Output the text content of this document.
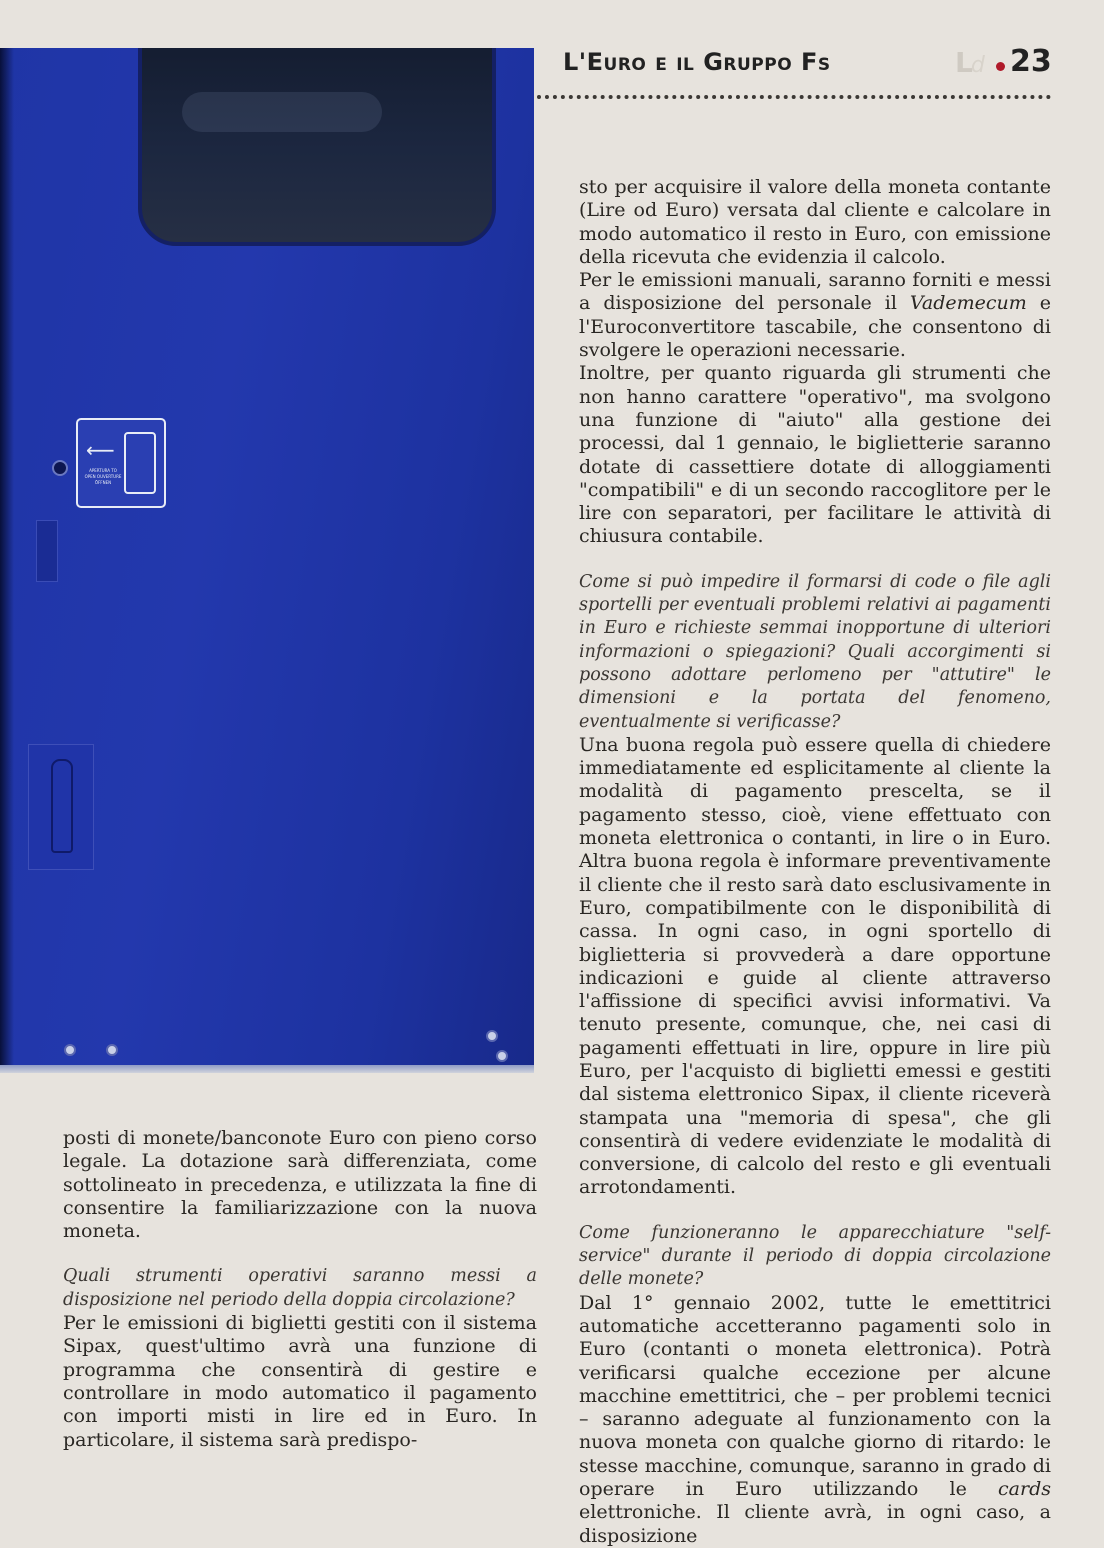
L'Euro e il Gruppo Fs	Ld 23
⟵
APERTURA TO OPEN OUVERTURE ÖFFNEN

sto per acquisire il valore della moneta contante (Lire od Euro) versata dal cliente e calcolare in modo automatico il resto in Euro, con emissione della ricevuta che evidenzia il calcolo.

Per le emissioni manuali, saranno forniti e messi a disposizione del personale il Vademecum e l'Euroconvertitore tascabile, che consentono di svolgere le operazioni necessarie.

Inoltre, per quanto riguarda gli strumenti che non hanno carattere "operativo", ma svolgono una funzione di "aiuto" alla gestione dei processi, dal 1 gennaio, le biglietterie saranno dotate di cassettiere dotate di alloggiamenti "compatibili" e di un secondo raccoglitore per le lire con separatori, per facilitare le attività di chiusura contabile.

Come si può impedire il formarsi di code o file agli sportelli per eventuali problemi relativi ai pagamenti in Euro e richieste semmai inopportune di ulteriori informazioni o spiegazioni? Quali accorgimenti si possono adottare perlomeno per "attutire" le dimensioni e la portata del fenomeno, eventualmente si verificasse?

Una buona regola può essere quella di chiedere immediatamente ed esplicitamente al cliente la modalità di pagamento prescelta, se il pagamento stesso, cioè, viene effettuato con moneta elettronica o contanti, in lire o in Euro. Altra buona regola è informare preventivamente il cliente che il resto sarà dato esclusivamente in Euro, compatibilmente con le disponibilità di cassa. In ogni caso, in ogni sportello di biglietteria si provvederà a dare opportune indicazioni e guide al cliente attraverso l'affissione di specifici avvisi informativi. Va tenuto presente, comunque, che, nei casi di pagamenti effettuati in lire, oppure in lire più Euro, per l'acquisto di biglietti emessi e gestiti dal sistema elettronico Sipax, il cliente riceverà stampata una "memoria di spesa", che gli consentirà di vedere evidenziate le modalità di conversione, di calcolo del resto e gli eventuali arrotondamenti.

Come funzioneranno le apparecchiature "self-service" durante il periodo di doppia circolazione delle monete?

Dal 1° gennaio 2002, tutte le emettitrici automatiche accetteranno pagamenti solo in Euro (contanti o moneta elettronica). Potrà verificarsi qualche eccezione per alcune macchine emettitrici, che – per problemi tecnici – saranno adeguate al funzionamento con la nuova moneta con qualche giorno di ritardo: le stesse macchine, comunque, saranno in grado di operare in Euro utilizzando le cards elettroniche. Il cliente avrà, in ogni caso, a disposizione

posti di monete/banconote Euro con pieno corso legale. La dotazione sarà differenziata, come sottolineato in precedenza, e utilizzata la fine di consentire la familiarizzazione con la nuova moneta.

Quali strumenti operativi saranno messi a disposizione nel periodo della doppia circolazione?

Per le emissioni di biglietti gestiti con il sistema Sipax, quest'ultimo avrà una funzione di programma che consentirà di gestire e controllare in modo automatico il pagamento con importi misti in lire ed in Euro. In particolare, il sistema sarà predispo-
